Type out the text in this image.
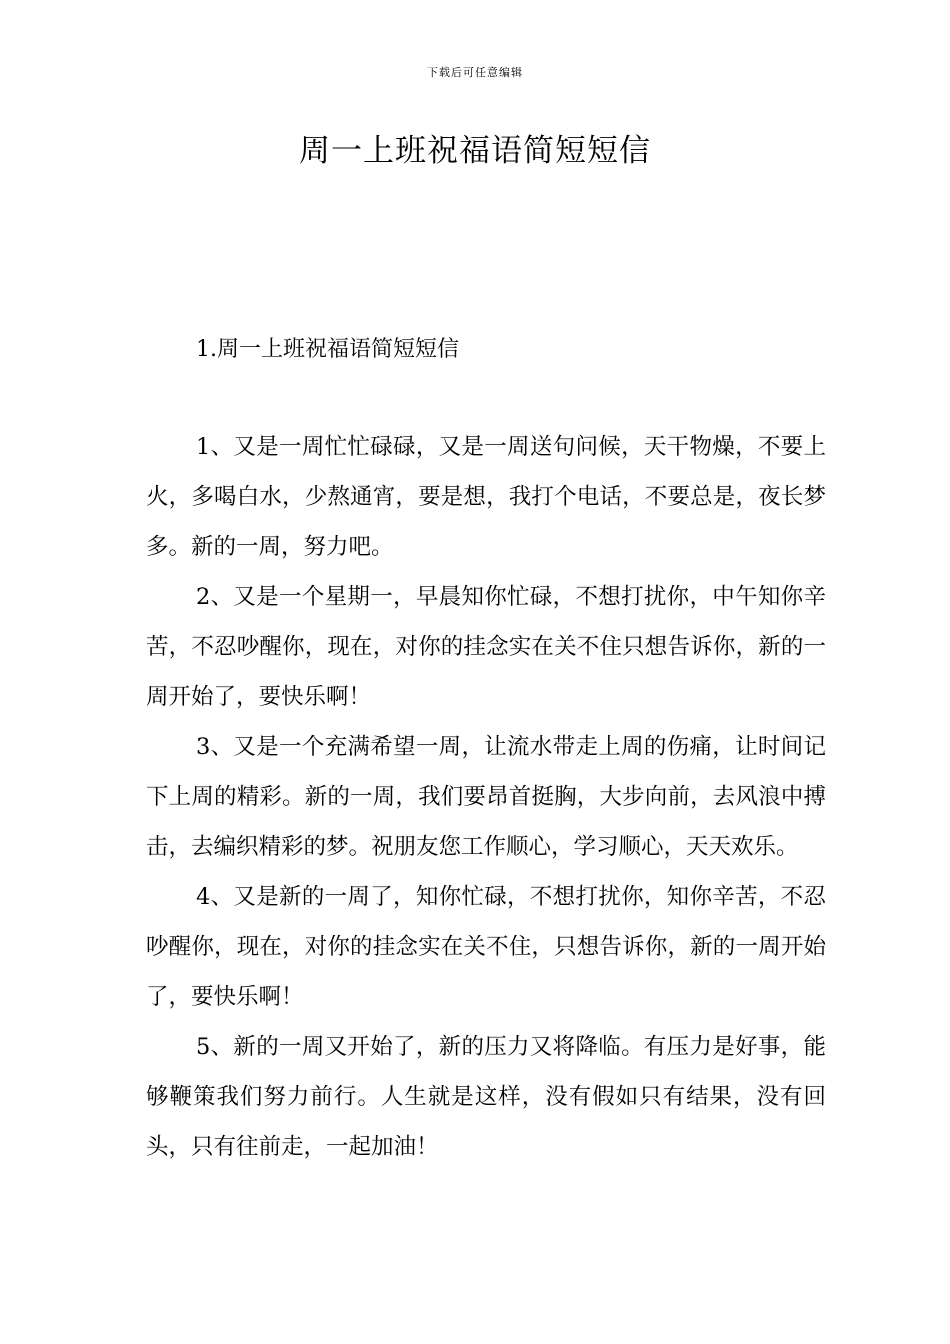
下载后可任意编辑
周一上班祝福语简短短信
1.周一上班祝福语简短短信

1、又是一周忙忙碌碌，又是一周送句问候，天干物燥，不要上火，多喝白水，少熬通宵，要是想，我打个电话，不要总是，夜长梦多。新的一周，努力吧。

2、又是一个星期一，早晨知你忙碌，不想打扰你，中午知你辛苦，不忍吵醒你，现在，对你的挂念实在关不住只想告诉你，新的一周开始了，要快乐啊！

3、又是一个充满希望一周，让流水带走上周的伤痛，让时间记下上周的精彩。新的一周，我们要昂首挺胸，大步向前，去风浪中搏击，去编织精彩的梦。祝朋友您工作顺心，学习顺心，天天欢乐。

4、又是新的一周了，知你忙碌，不想打扰你，知你辛苦，不忍吵醒你，现在，对你的挂念实在关不住，只想告诉你，新的一周开始了，要快乐啊！

5、新的一周又开始了，新的压力又将降临。有压力是好事，能够鞭策我们努力前行。人生就是这样，没有假如只有结果，没有回头，只有往前走，一起加油！
